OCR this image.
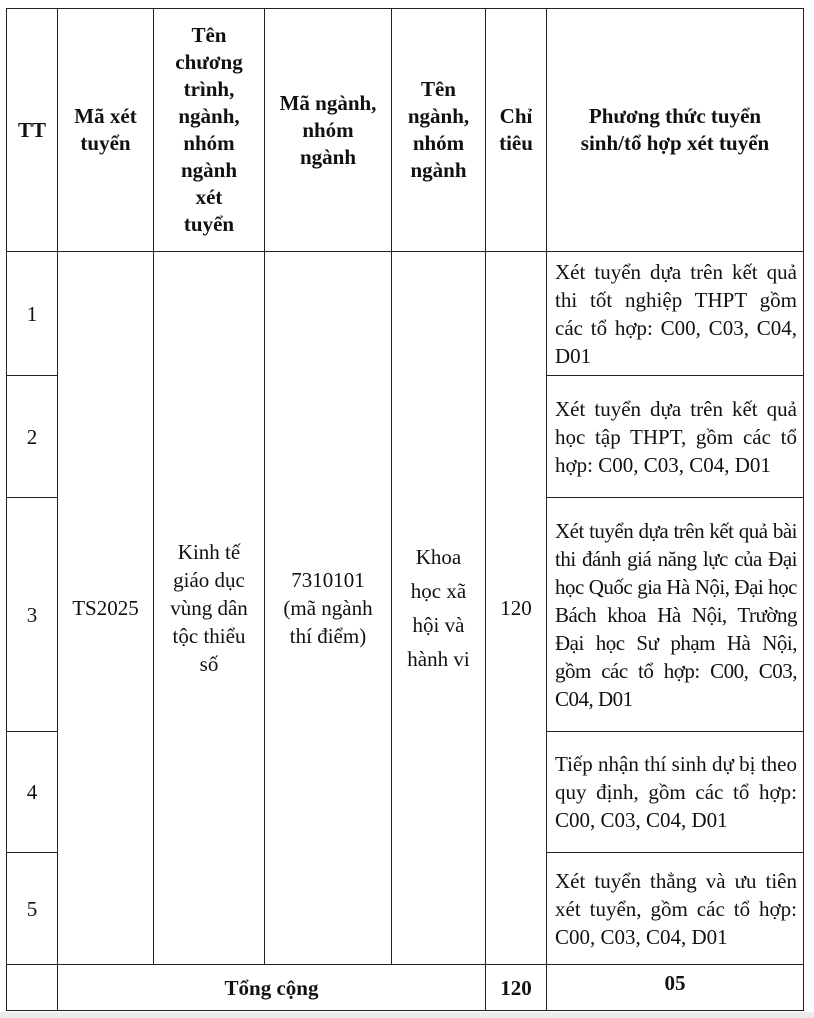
TT	Mã xét tuyển	Tên chương trình, ngành, nhóm ngành xét tuyển	Mã ngành, nhóm ngành	Tên ngành, nhóm ngành	Chỉ tiêu	Phương thức tuyển sinh/tổ hợp xét tuyển
1	TS2025	Kinh tế giáo dục vùng dân tộc thiểu số	7310101 (mã ngành thí điểm)	Khoa học xã hội và hành vi	120	Xét tuyển dựa trên kết quả thi tốt nghiệp THPT gồm các tổ hợp: C00, C03, C04, D01
2						Xét tuyển dựa trên kết quả học tập THPT, gồm các tổ hợp: C00, C03, C04, D01
3						Xét tuyển dựa trên kết quả bài thi đánh giá năng lực của Đại học Quốc gia Hà Nội, Đại học Bách khoa Hà Nội, Trường Đại học Sư phạm Hà Nội, gồm các tổ hợp: C00, C03, C04, D01
4						Tiếp nhận thí sinh dự bị theo quy định, gồm các tổ hợp: C00, C03, C04, D01
5						Xét tuyển thẳng và ưu tiên xét tuyển, gồm các tổ hợp: C00, C03, C04, D01
	Tổng cộng				120	05
